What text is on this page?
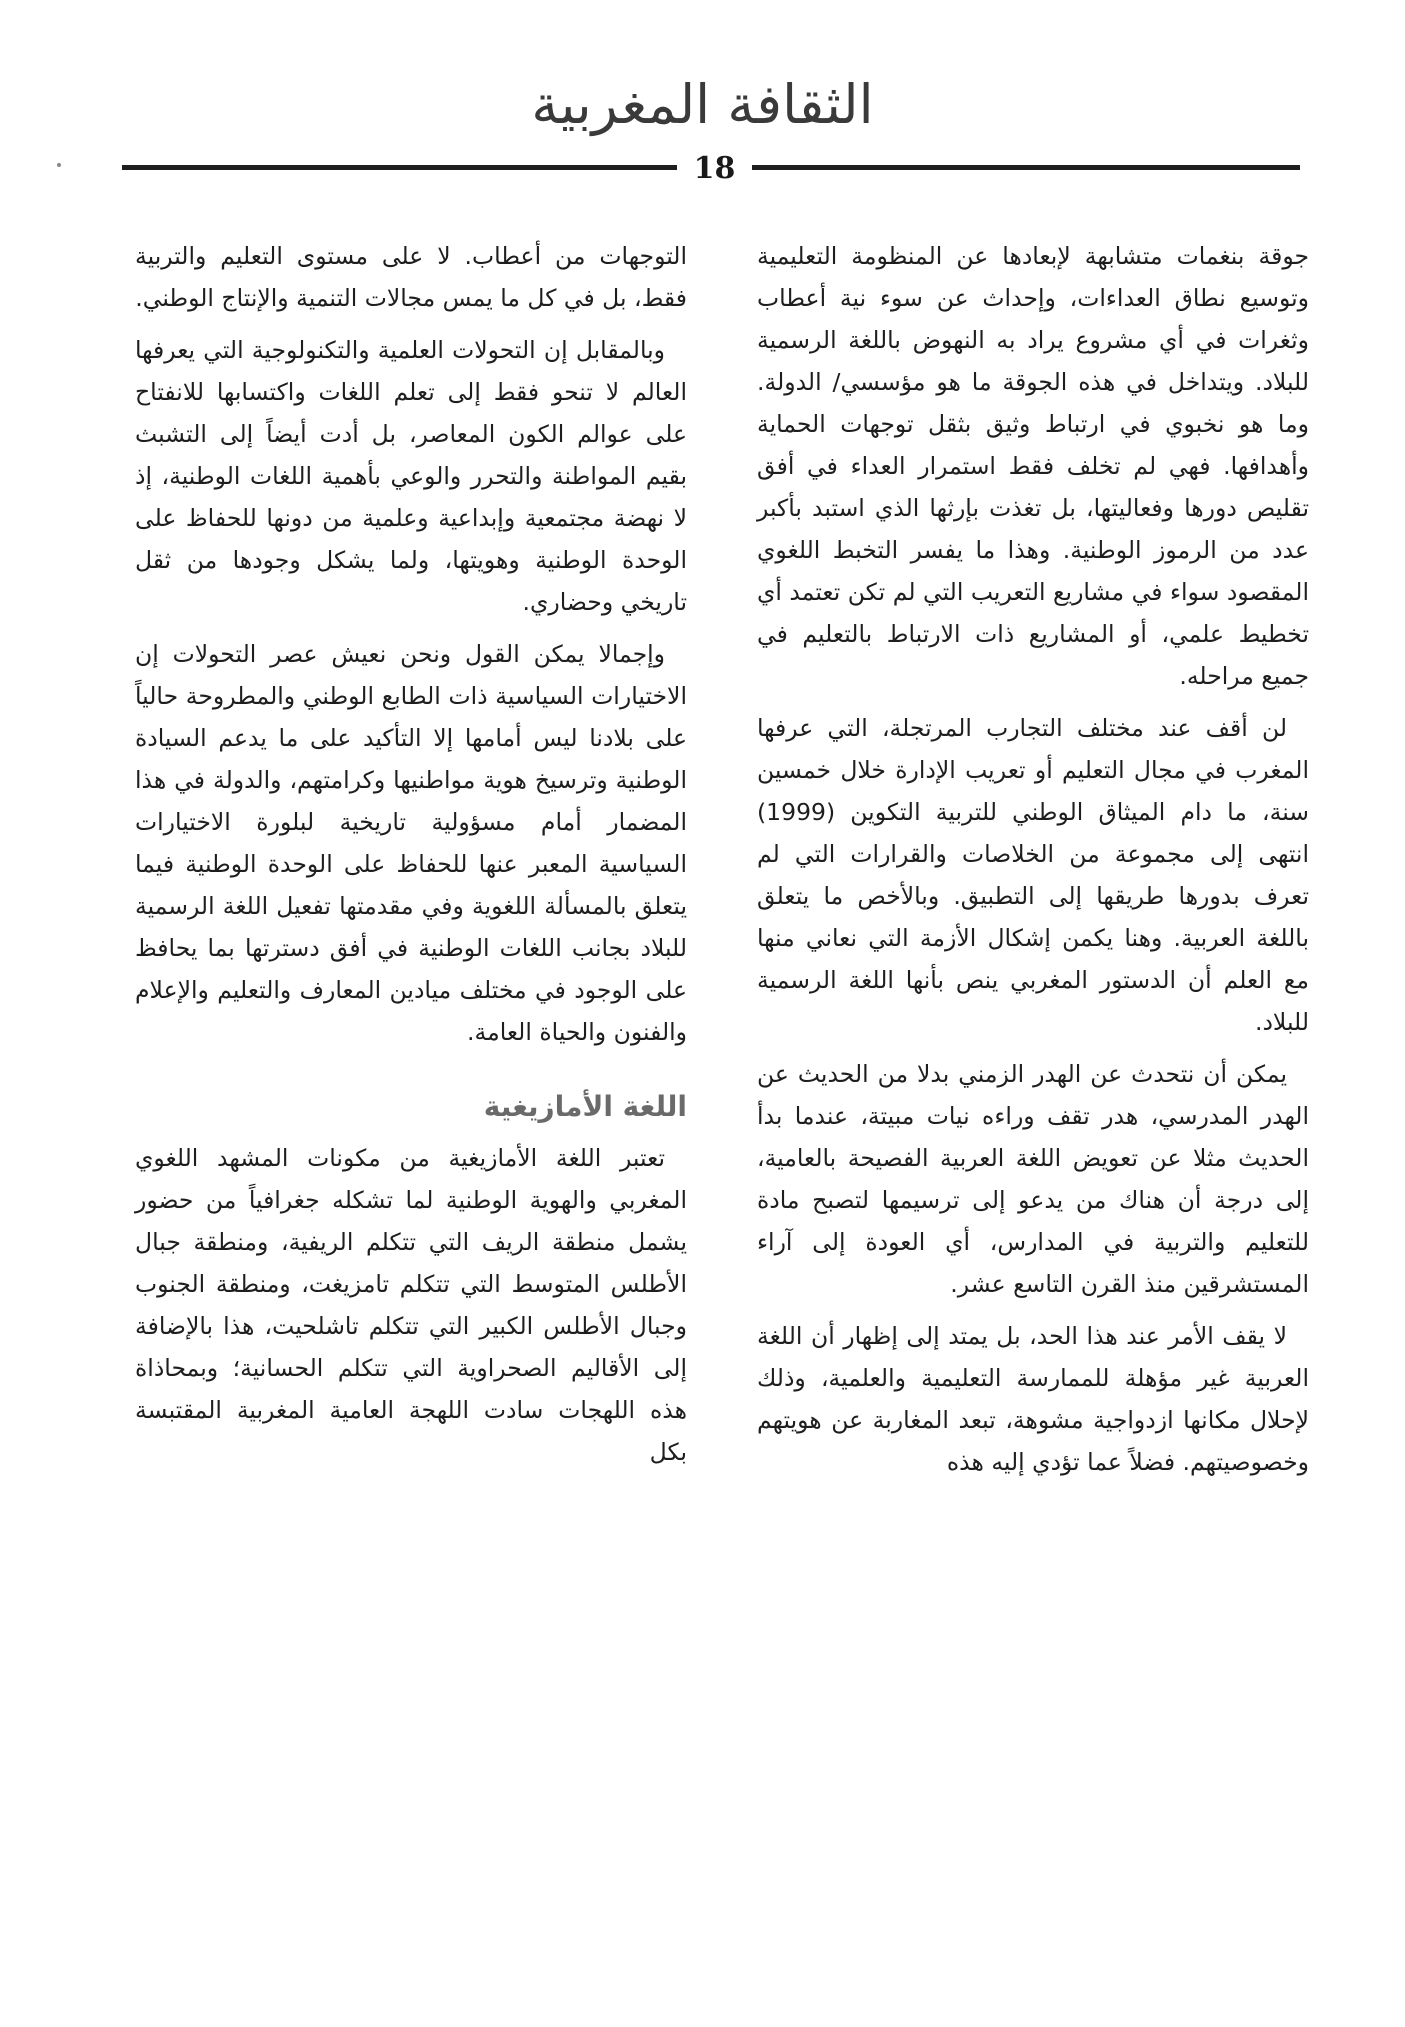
الثقافة المغربية
18

جوقة بنغمات متشابهة لإبعادها عن المنظومة التعليمية وتوسيع نطاق العداءات، وإحداث عن سوء نية أعطاب وثغرات في أي مشروع يراد به النهوض باللغة الرسمية للبلاد. ويتداخل في هذه الجوقة ما هو مؤسسي/ الدولة. وما هو نخبوي في ارتباط وثيق بثقل توجهات الحماية وأهدافها. فهي لم تخلف فقط استمرار العداء في أفق تقليص دورها وفعاليتها، بل تغذت بإرثها الذي استبد بأكبر عدد من الرموز الوطنية. وهذا ما يفسر التخبط اللغوي المقصود سواء في مشاريع التعريب التي لم تكن تعتمد أي تخطيط علمي، أو المشاريع ذات الارتباط بالتعليم في جميع مراحله.

لن أقف عند مختلف التجارب المرتجلة، التي عرفها المغرب في مجال التعليم أو تعريب الإدارة خلال خمسين سنة، ما دام الميثاق الوطني للتربية التكوين (1999) انتهى إلى مجموعة من الخلاصات والقرارات التي لم تعرف بدورها طريقها إلى التطبيق. وبالأخص ما يتعلق باللغة العربية. وهنا يكمن إشكال الأزمة التي نعاني منها مع العلم أن الدستور المغربي ينص بأنها اللغة الرسمية للبلاد.

يمكن أن نتحدث عن الهدر الزمني بدلا من الحديث عن الهدر المدرسي، هدر تقف وراءه نيات مبيتة، عندما بدأ الحديث مثلا عن تعويض اللغة العربية الفصيحة بالعامية، إلى درجة أن هناك من يدعو إلى ترسيمها لتصبح مادة للتعليم والتربية في المدارس، أي العودة إلى آراء المستشرقين منذ القرن التاسع عشر.

لا يقف الأمر عند هذا الحد، بل يمتد إلى إظهار أن اللغة العربية غير مؤهلة للممارسة التعليمية والعلمية، وذلك لإحلال مكانها ازدواجية مشوهة، تبعد المغاربة عن هويتهم وخصوصيتهم. فضلاً عما تؤدي إليه هذه

التوجهات من أعطاب. لا على مستوى التعليم والتربية فقط، بل في كل ما يمس مجالات التنمية والإنتاج الوطني.

وبالمقابل إن التحولات العلمية والتكنولوجية التي يعرفها العالم لا تنحو فقط إلى تعلم اللغات واكتسابها للانفتاح على عوالم الكون المعاصر، بل أدت أيضاً إلى التشبث بقيم المواطنة والتحرر والوعي بأهمية اللغات الوطنية، إذ لا نهضة مجتمعية وإبداعية وعلمية من دونها للحفاظ على الوحدة الوطنية وهويتها، ولما يشكل وجودها من ثقل تاريخي وحضاري.

وإجمالا يمكن القول ونحن نعيش عصر التحولات إن الاختيارات السياسية ذات الطابع الوطني والمطروحة حالياً على بلادنا ليس أمامها إلا التأكيد على ما يدعم السيادة الوطنية وترسيخ هوية مواطنيها وكرامتهم، والدولة في هذا المضمار أمام مسؤولية تاريخية لبلورة الاختيارات السياسية المعبر عنها للحفاظ على الوحدة الوطنية فيما يتعلق بالمسألة اللغوية وفي مقدمتها تفعيل اللغة الرسمية للبلاد بجانب اللغات الوطنية في أفق دسترتها بما يحافظ على الوجود في مختلف ميادين المعارف والتعليم والإعلام والفنون والحياة العامة.

اللغة الأمازيغية

تعتبر اللغة الأمازيغية من مكونات المشهد اللغوي المغربي والهوية الوطنية لما تشكله جغرافياً من حضور يشمل منطقة الريف التي تتكلم الريفية، ومنطقة جبال الأطلس المتوسط التي تتكلم تامزيغت، ومنطقة الجنوب وجبال الأطلس الكبير التي تتكلم تاشلحيت، هذا بالإضافة إلى الأقاليم الصحراوية التي تتكلم الحسانية؛ وبمحاذاة هذه اللهجات سادت اللهجة العامية المغربية المقتبسة بكل
